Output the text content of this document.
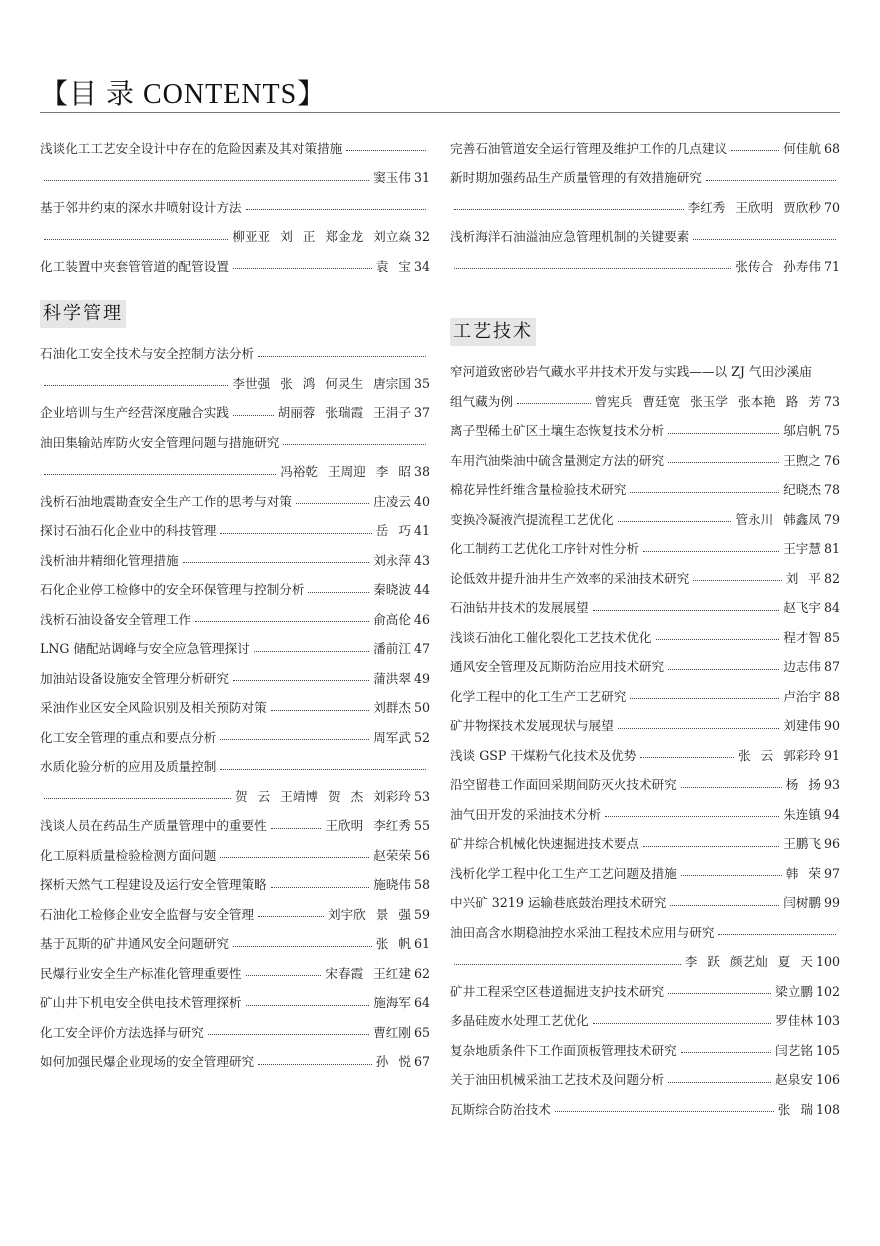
【目 录 CONTENTS】
浅谈化工工艺安全设计中存在的危险因素及其对策措施
窦玉伟 31
基于邻井约束的深水井喷射设计方法
柳亚亚 刘 正 郑金龙 刘立焱 32
化工装置中夹套管管道的配管设置	袁 宝 34
科学管理
石油化工安全技术与安全控制方法分析
李世强 张 鸿 何灵生 唐宗国 35
企业培训与生产经营深度融合实践	胡丽蓉 张瑞霞 王涓子 37
油田集输站库防火安全管理问题与措施研究
冯裕乾 王周迎 李 昭 38
浅析石油地震勘查安全生产工作的思考与对策	庄凌云 40
探讨石油石化企业中的科技管理	岳 巧 41
浅析油井精细化管理措施	刘永萍 43
石化企业停工检修中的安全环保管理与控制分析	秦晓波 44
浅析石油设备安全管理工作	俞高伦 46
LNG 储配站调峰与安全应急管理探讨	潘前江 47
加油站设备设施安全管理分析研究	蒲洪翠 49
采油作业区安全风险识别及相关预防对策	刘群杰 50
化工安全管理的重点和要点分析	周军武 52
水质化验分析的应用及质量控制
贺 云 王靖博 贺 杰 刘彩玲 53
浅谈人员在药品生产质量管理中的重要性	王欣明 李红秀 55
化工原料质量检验检测方面问题	赵荣荣 56
探析天然气工程建设及运行安全管理策略	施晓伟 58
石油化工检修企业安全监督与安全管理	刘宇欣 景 强 59
基于瓦斯的矿井通风安全问题研究	张 帆 61
民爆行业安全生产标准化管理重要性	宋春霞 王红建 62
矿山井下机电安全供电技术管理探析	施海军 64
化工安全评价方法选择与研究	曹红刚 65
如何加强民爆企业现场的安全管理研究	孙 悦 67
完善石油管道安全运行管理及维护工作的几点建议	何佳航 68
新时期加强药品生产质量管理的有效措施研究
李红秀 王欣明 贾欣秒 70
浅析海洋石油溢油应急管理机制的关键要素
张传合 孙寿伟 71
工艺技术
窄河道致密砂岩气藏水平井技术开发与实践——以 ZJ 气田沙溪庙
组气藏为例	曾宪兵 曹廷宽 张玉学 张本艳 路 芳 73
离子型稀土矿区土壤生态恢复技术分析	邬启帆 75
车用汽油柴油中硫含量测定方法的研究	王煦之 76
棉花异性纤维含量检验技术研究	纪晓杰 78
变换冷凝液汽提流程工艺优化	管永川 韩鑫凤 79
化工制药工艺优化工序针对性分析	王宇慧 81
论低效井提升油井生产效率的采油技术研究	刘 平 82
石油钻井技术的发展展望	赵飞宇 84
浅谈石油化工催化裂化工艺技术优化	程才智 85
通风安全管理及瓦斯防治应用技术研究	边志伟 87
化学工程中的化工生产工艺研究	卢治宇 88
矿井物探技术发展现状与展望	刘建伟 90
浅谈 GSP 干煤粉气化技术及优势	张 云 郭彩玲 91
沿空留巷工作面回采期间防灭火技术研究	杨 扬 93
油气田开发的采油技术分析	朱连镇 94
矿井综合机械化快速掘进技术要点	王鹏飞 96
浅析化学工程中化工生产工艺问题及措施	韩 荣 97
中兴矿 3219 运输巷底鼓治理技术研究	闫树鹏 99
油田高含水期稳油控水采油工程技术应用与研究
李 跃 颜艺灿 夏 天 100
矿井工程采空区巷道掘进支护技术研究	梁立鹏 102
多晶硅废水处理工艺优化	罗佳林 103
复杂地质条件下工作面顶板管理技术研究	闫艺铭 105
关于油田机械采油工艺技术及问题分析	赵泉安 106
瓦斯综合防治技术	张 瑞 108
